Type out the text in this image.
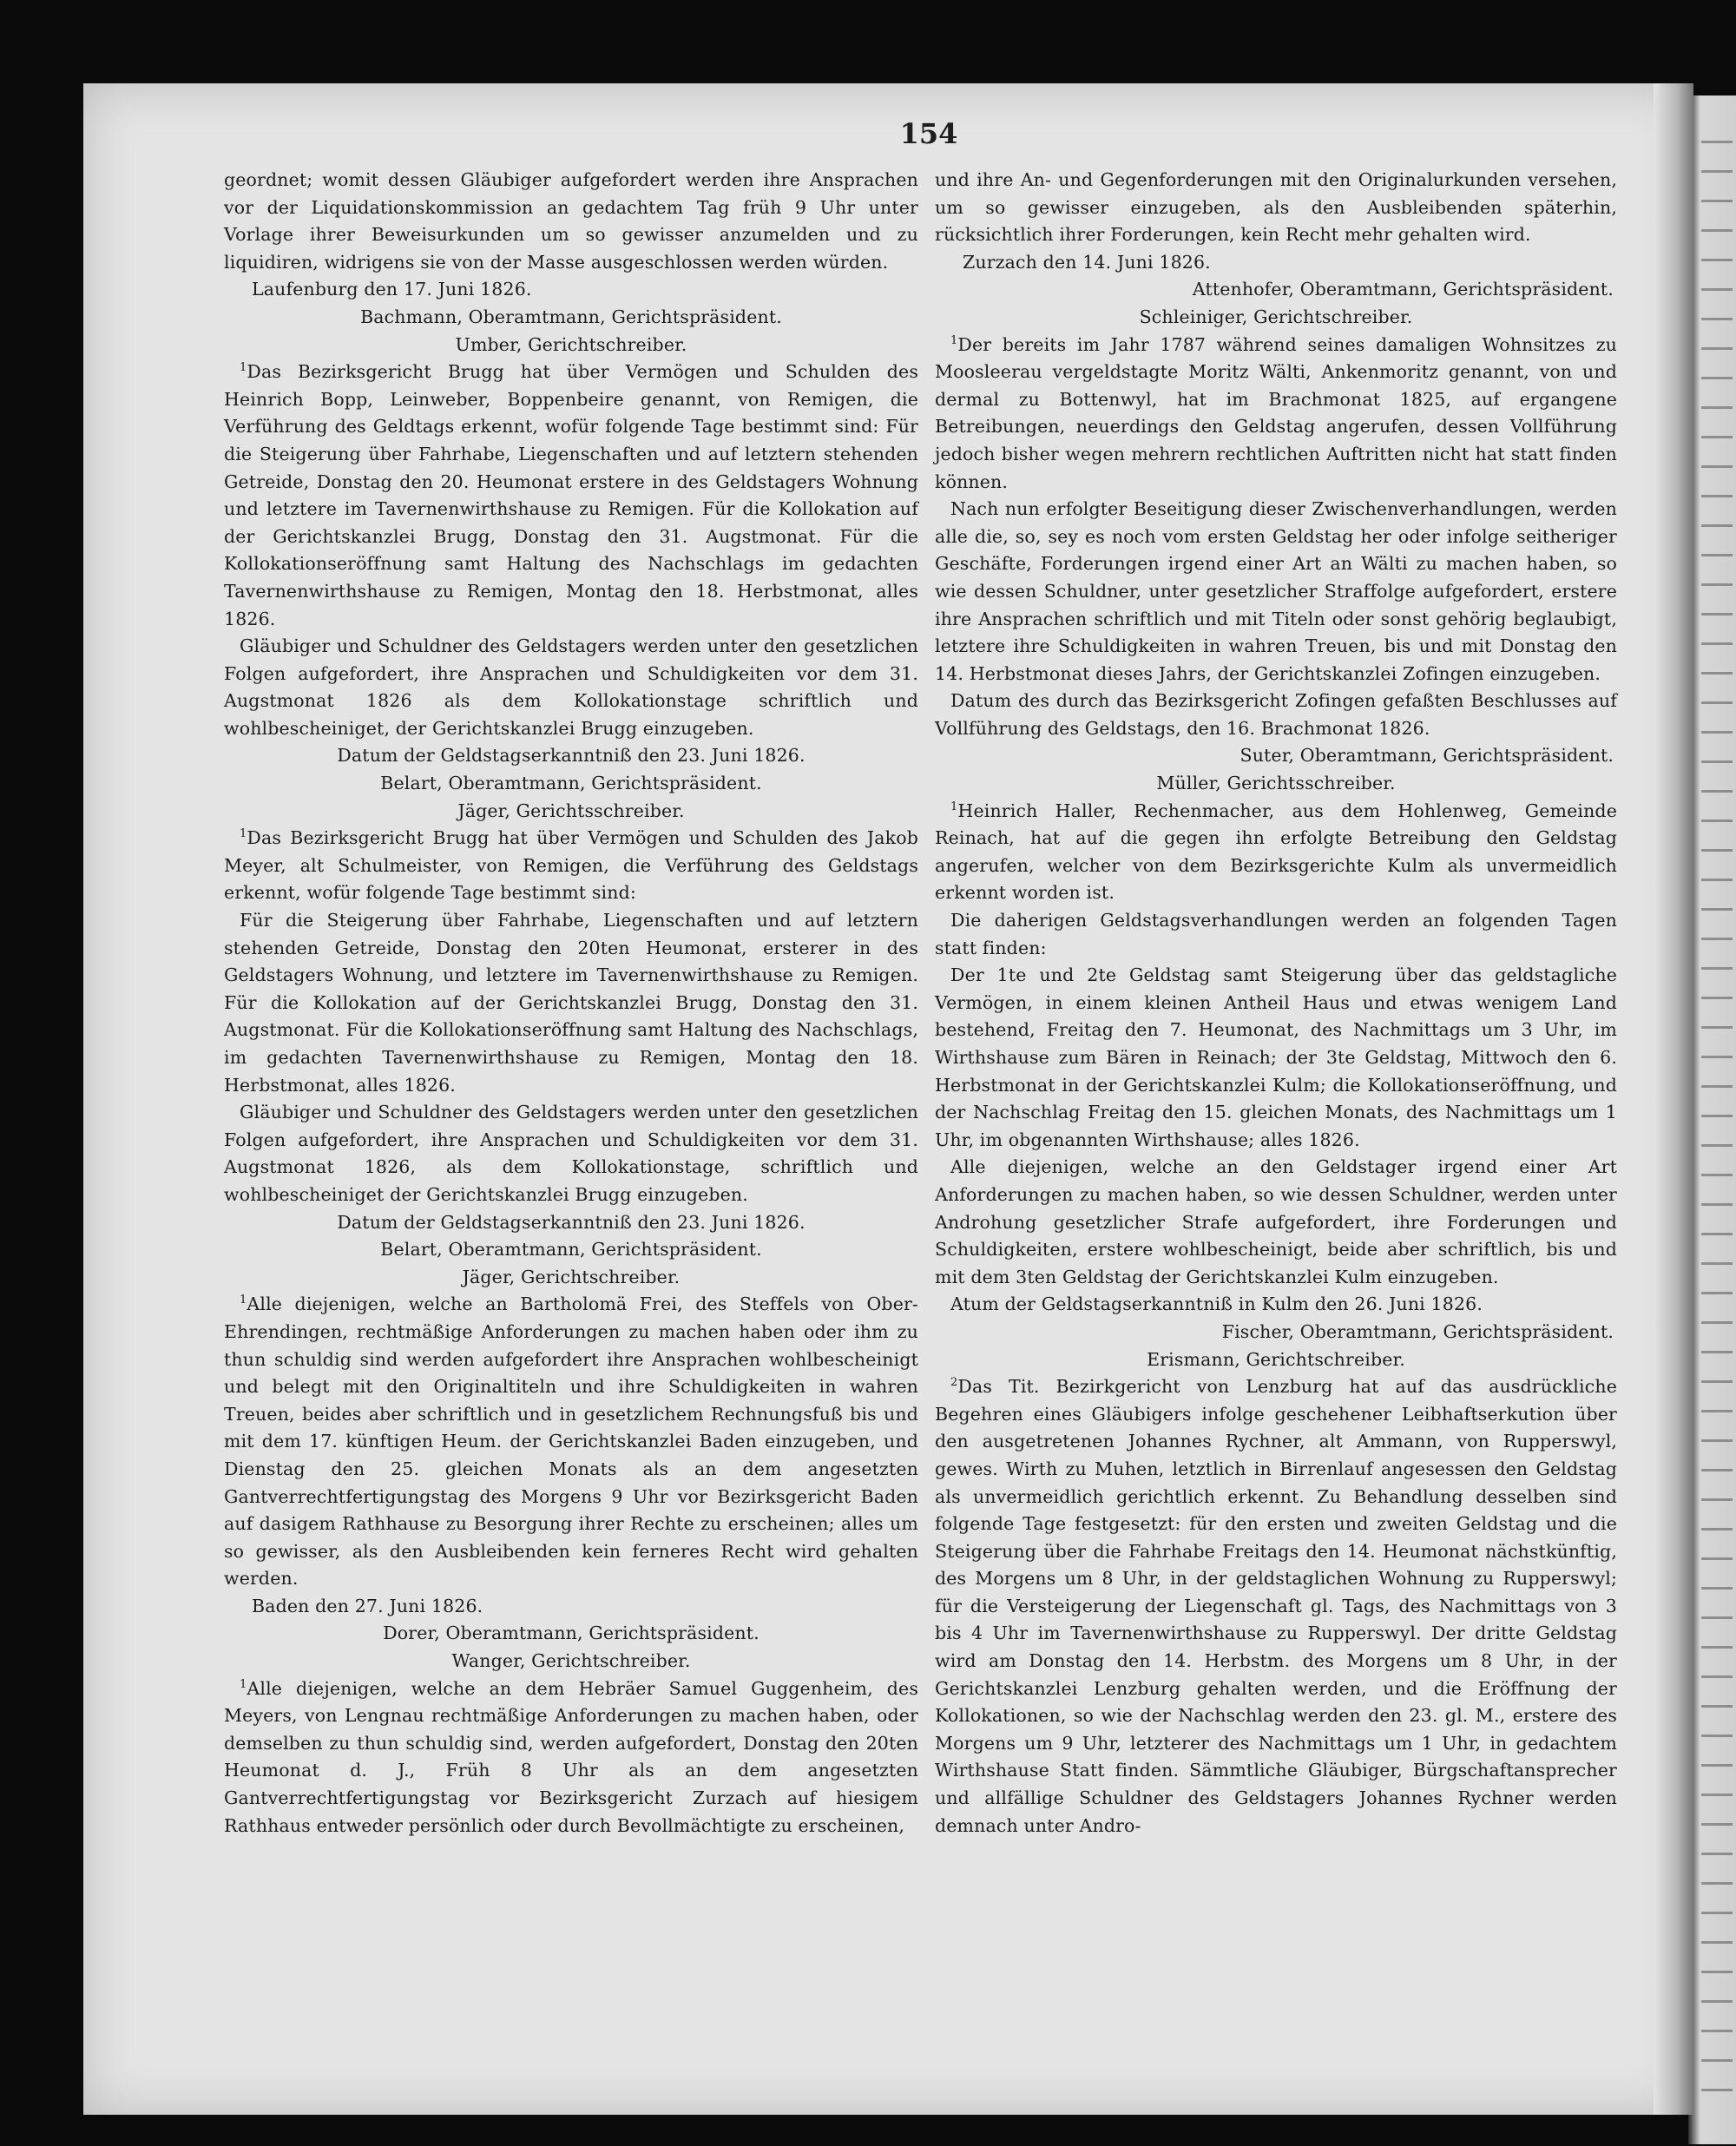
154

geordnet; womit dessen Gläubiger aufgefordert werden ihre Ansprachen vor der Liquidationskommission an gedachtem Tag früh 9 Uhr unter Vorlage ihrer Beweisurkunden um so gewisser anzumelden und zu liquidiren, widrigens sie von der Masse ausgeschlossen werden würden.

Laufenburg den 17. Juni 1826.
Bachmann, Oberamtmann, Gerichtspräsident.
Umber, Gerichtschreiber.

$^1$Das Bezirksgericht Brugg hat über Vermögen und Schulden des Heinrich Bopp, Leinweber, Boppenbeire genannt, von Remigen, die Verführung des Geldtags erkennt, wofür folgende Tage bestimmt sind: Für die Steigerung über Fahrhabe, Liegenschaften und auf letztern stehenden Getreide, Donstag den 20. Heumonat erstere in des Geldstagers Wohnung und letztere im Tavernenwirthshause zu Remigen. Für die Kollokation auf der Gerichtskanzlei Brugg, Donstag den 31. Augstmonat. Für die Kollokationseröffnung samt Haltung des Nachschlags im gedachten Tavernenwirthshause zu Remigen, Montag den 18. Herbstmonat, alles 1826.

Gläubiger und Schuldner des Geldstagers werden unter den gesetzlichen Folgen aufgefordert, ihre Ansprachen und Schuldigkeiten vor dem 31. Augstmonat 1826 als dem Kollokationstage schriftlich und wohlbescheiniget, der Gerichtskanzlei Brugg einzugeben.

Datum der Geldstagserkanntniß den 23. Juni 1826.
Belart, Oberamtmann, Gerichtspräsident.
Jäger, Gerichtsschreiber.

$^1$Das Bezirksgericht Brugg hat über Vermögen und Schulden des Jakob Meyer, alt Schulmeister, von Remigen, die Verführung des Geldstags erkennt, wofür folgende Tage bestimmt sind:

Für die Steigerung über Fahrhabe, Liegenschaften und auf letztern stehenden Getreide, Donstag den 20ten Heumonat, ersterer in des Geldstagers Wohnung, und letztere im Tavernenwirthshause zu Remigen. Für die Kollokation auf der Gerichtskanzlei Brugg, Donstag den 31. Augstmonat. Für die Kollokationseröffnung samt Haltung des Nachschlags, im gedachten Tavernenwirthshause zu Remigen, Montag den 18. Herbstmonat, alles 1826.

Gläubiger und Schuldner des Geldstagers werden unter den gesetzlichen Folgen aufgefordert, ihre Ansprachen und Schuldigkeiten vor dem 31. Augstmonat 1826, als dem Kollokationstage, schriftlich und wohlbescheiniget der Gerichtskanzlei Brugg einzugeben.

Datum der Geldstagserkanntniß den 23. Juni 1826.
Belart, Oberamtmann, Gerichtspräsident.
Jäger, Gerichtschreiber.

$^1$Alle diejenigen, welche an Bartholomä Frei, des Steffels von Ober-Ehrendingen, rechtmäßige Anforderungen zu machen haben oder ihm zu thun schuldig sind werden aufgefordert ihre Ansprachen wohlbescheinigt und belegt mit den Originaltiteln und ihre Schuldigkeiten in wahren Treuen, beides aber schriftlich und in gesetzlichem Rechnungsfuß bis und mit dem 17. künftigen Heum. der Gerichtskanzlei Baden einzugeben, und Dienstag den 25. gleichen Monats als an dem angesetzten Gantverrechtfertigungstag des Morgens 9 Uhr vor Bezirksgericht Baden auf dasigem Rathhause zu Besorgung ihrer Rechte zu erscheinen; alles um so gewisser, als den Ausbleibenden kein ferneres Recht wird gehalten werden.

Baden den 27. Juni 1826.
Dorer, Oberamtmann, Gerichtspräsident.
Wanger, Gerichtschreiber.

$^1$Alle diejenigen, welche an dem Hebräer Samuel Guggenheim, des Meyers, von Lengnau rechtmäßige Anforderungen zu machen haben, oder demselben zu thun schuldig sind, werden aufgefordert, Donstag den 20ten Heumonat d. J., Früh 8 Uhr als an dem angesetzten Gantverrechtfertigungstag vor Bezirksgericht Zurzach auf hiesigem Rathhaus entweder persönlich oder durch Bevollmächtigte zu erscheinen,

und ihre An- und Gegenforderungen mit den Originalurkunden versehen, um so gewisser einzugeben, als den Ausbleibenden späterhin, rücksichtlich ihrer Forderungen, kein Recht mehr gehalten wird.

Zurzach den 14. Juni 1826.
Attenhofer, Oberamtmann, Gerichtspräsident.
Schleiniger, Gerichtschreiber.

$^1$Der bereits im Jahr 1787 während seines damaligen Wohnsitzes zu Moosleerau vergeldstagte Moritz Wälti, Ankenmoritz genannt, von und dermal zu Bottenwyl, hat im Brachmonat 1825, auf ergangene Betreibungen, neuerdings den Geldstag angerufen, dessen Vollführung jedoch bisher wegen mehrern rechtlichen Auftritten nicht hat statt finden können.

Nach nun erfolgter Beseitigung dieser Zwischenverhandlungen, werden alle die, so, sey es noch vom ersten Geldstag her oder infolge seitheriger Geschäfte, Forderungen irgend einer Art an Wälti zu machen haben, so wie dessen Schuldner, unter gesetzlicher Straffolge aufgefordert, erstere ihre Ansprachen schriftlich und mit Titeln oder sonst gehörig beglaubigt, letztere ihre Schuldigkeiten in wahren Treuen, bis und mit Donstag den 14. Herbstmonat dieses Jahrs, der Gerichtskanzlei Zofingen einzugeben.

Datum des durch das Bezirksgericht Zofingen gefaßten Beschlusses auf Vollführung des Geldstags, den 16. Brachmonat 1826.

Suter, Oberamtmann, Gerichtspräsident.
Müller, Gerichtsschreiber.

$^1$Heinrich Haller, Rechenmacher, aus dem Hohlenweg, Gemeinde Reinach, hat auf die gegen ihn erfolgte Betreibung den Geldstag angerufen, welcher von dem Bezirksgerichte Kulm als unvermeidlich erkennt worden ist.

Die daherigen Geldstagsverhandlungen werden an folgenden Tagen statt finden:

Der 1te und 2te Geldstag samt Steigerung über das geldstagliche Vermögen, in einem kleinen Antheil Haus und etwas wenigem Land bestehend, Freitag den 7. Heumonat, des Nachmittags um 3 Uhr, im Wirthshause zum Bären in Reinach; der 3te Geldstag, Mittwoch den 6. Herbstmonat in der Gerichtskanzlei Kulm; die Kollokationseröffnung, und der Nachschlag Freitag den 15. gleichen Monats, des Nachmittags um 1 Uhr, im obgenannten Wirthshause; alles 1826.

Alle diejenigen, welche an den Geldstager irgend einer Art Anforderungen zu machen haben, so wie dessen Schuldner, werden unter Androhung gesetzlicher Strafe aufgefordert, ihre Forderungen und Schuldigkeiten, erstere wohlbescheinigt, beide aber schriftlich, bis und mit dem 3ten Geldstag der Gerichtskanzlei Kulm einzugeben.

Atum der Geldstagserkanntniß in Kulm den 26. Juni 1826.

Fischer, Oberamtmann, Gerichtspräsident.
Erismann, Gerichtschreiber.

$^2$Das Tit. Bezirkgericht von Lenzburg hat auf das ausdrückliche Begehren eines Gläubigers infolge geschehener Leibhaftserkution über den ausgetretenen Johannes Rychner, alt Ammann, von Rupperswyl, gewes. Wirth zu Muhen, letztlich in Birrenlauf angesessen den Geldstag als unvermeidlich gerichtlich erkennt. Zu Behandlung desselben sind folgende Tage festgesetzt: für den ersten und zweiten Geldstag und die Steigerung über die Fahrhabe Freitags den 14. Heumonat nächstkünftig, des Morgens um 8 Uhr, in der geldstaglichen Wohnung zu Rupperswyl; für die Versteigerung der Liegenschaft gl. Tags, des Nachmittags von 3 bis 4 Uhr im Tavernenwirthshause zu Rupperswyl. Der dritte Geldstag wird am Donstag den 14. Herbstm. des Morgens um 8 Uhr, in der Gerichtskanzlei Lenzburg gehalten werden, und die Eröffnung der Kollokationen, so wie der Nachschlag werden den 23. gl. M., erstere des Morgens um 9 Uhr, letzterer des Nachmittags um 1 Uhr, in gedachtem Wirthshause Statt finden. Sämmtliche Gläubiger, Bürgschaftansprecher und allfällige Schuldner des Geldstagers Johannes Rychner werden demnach unter Andro-
